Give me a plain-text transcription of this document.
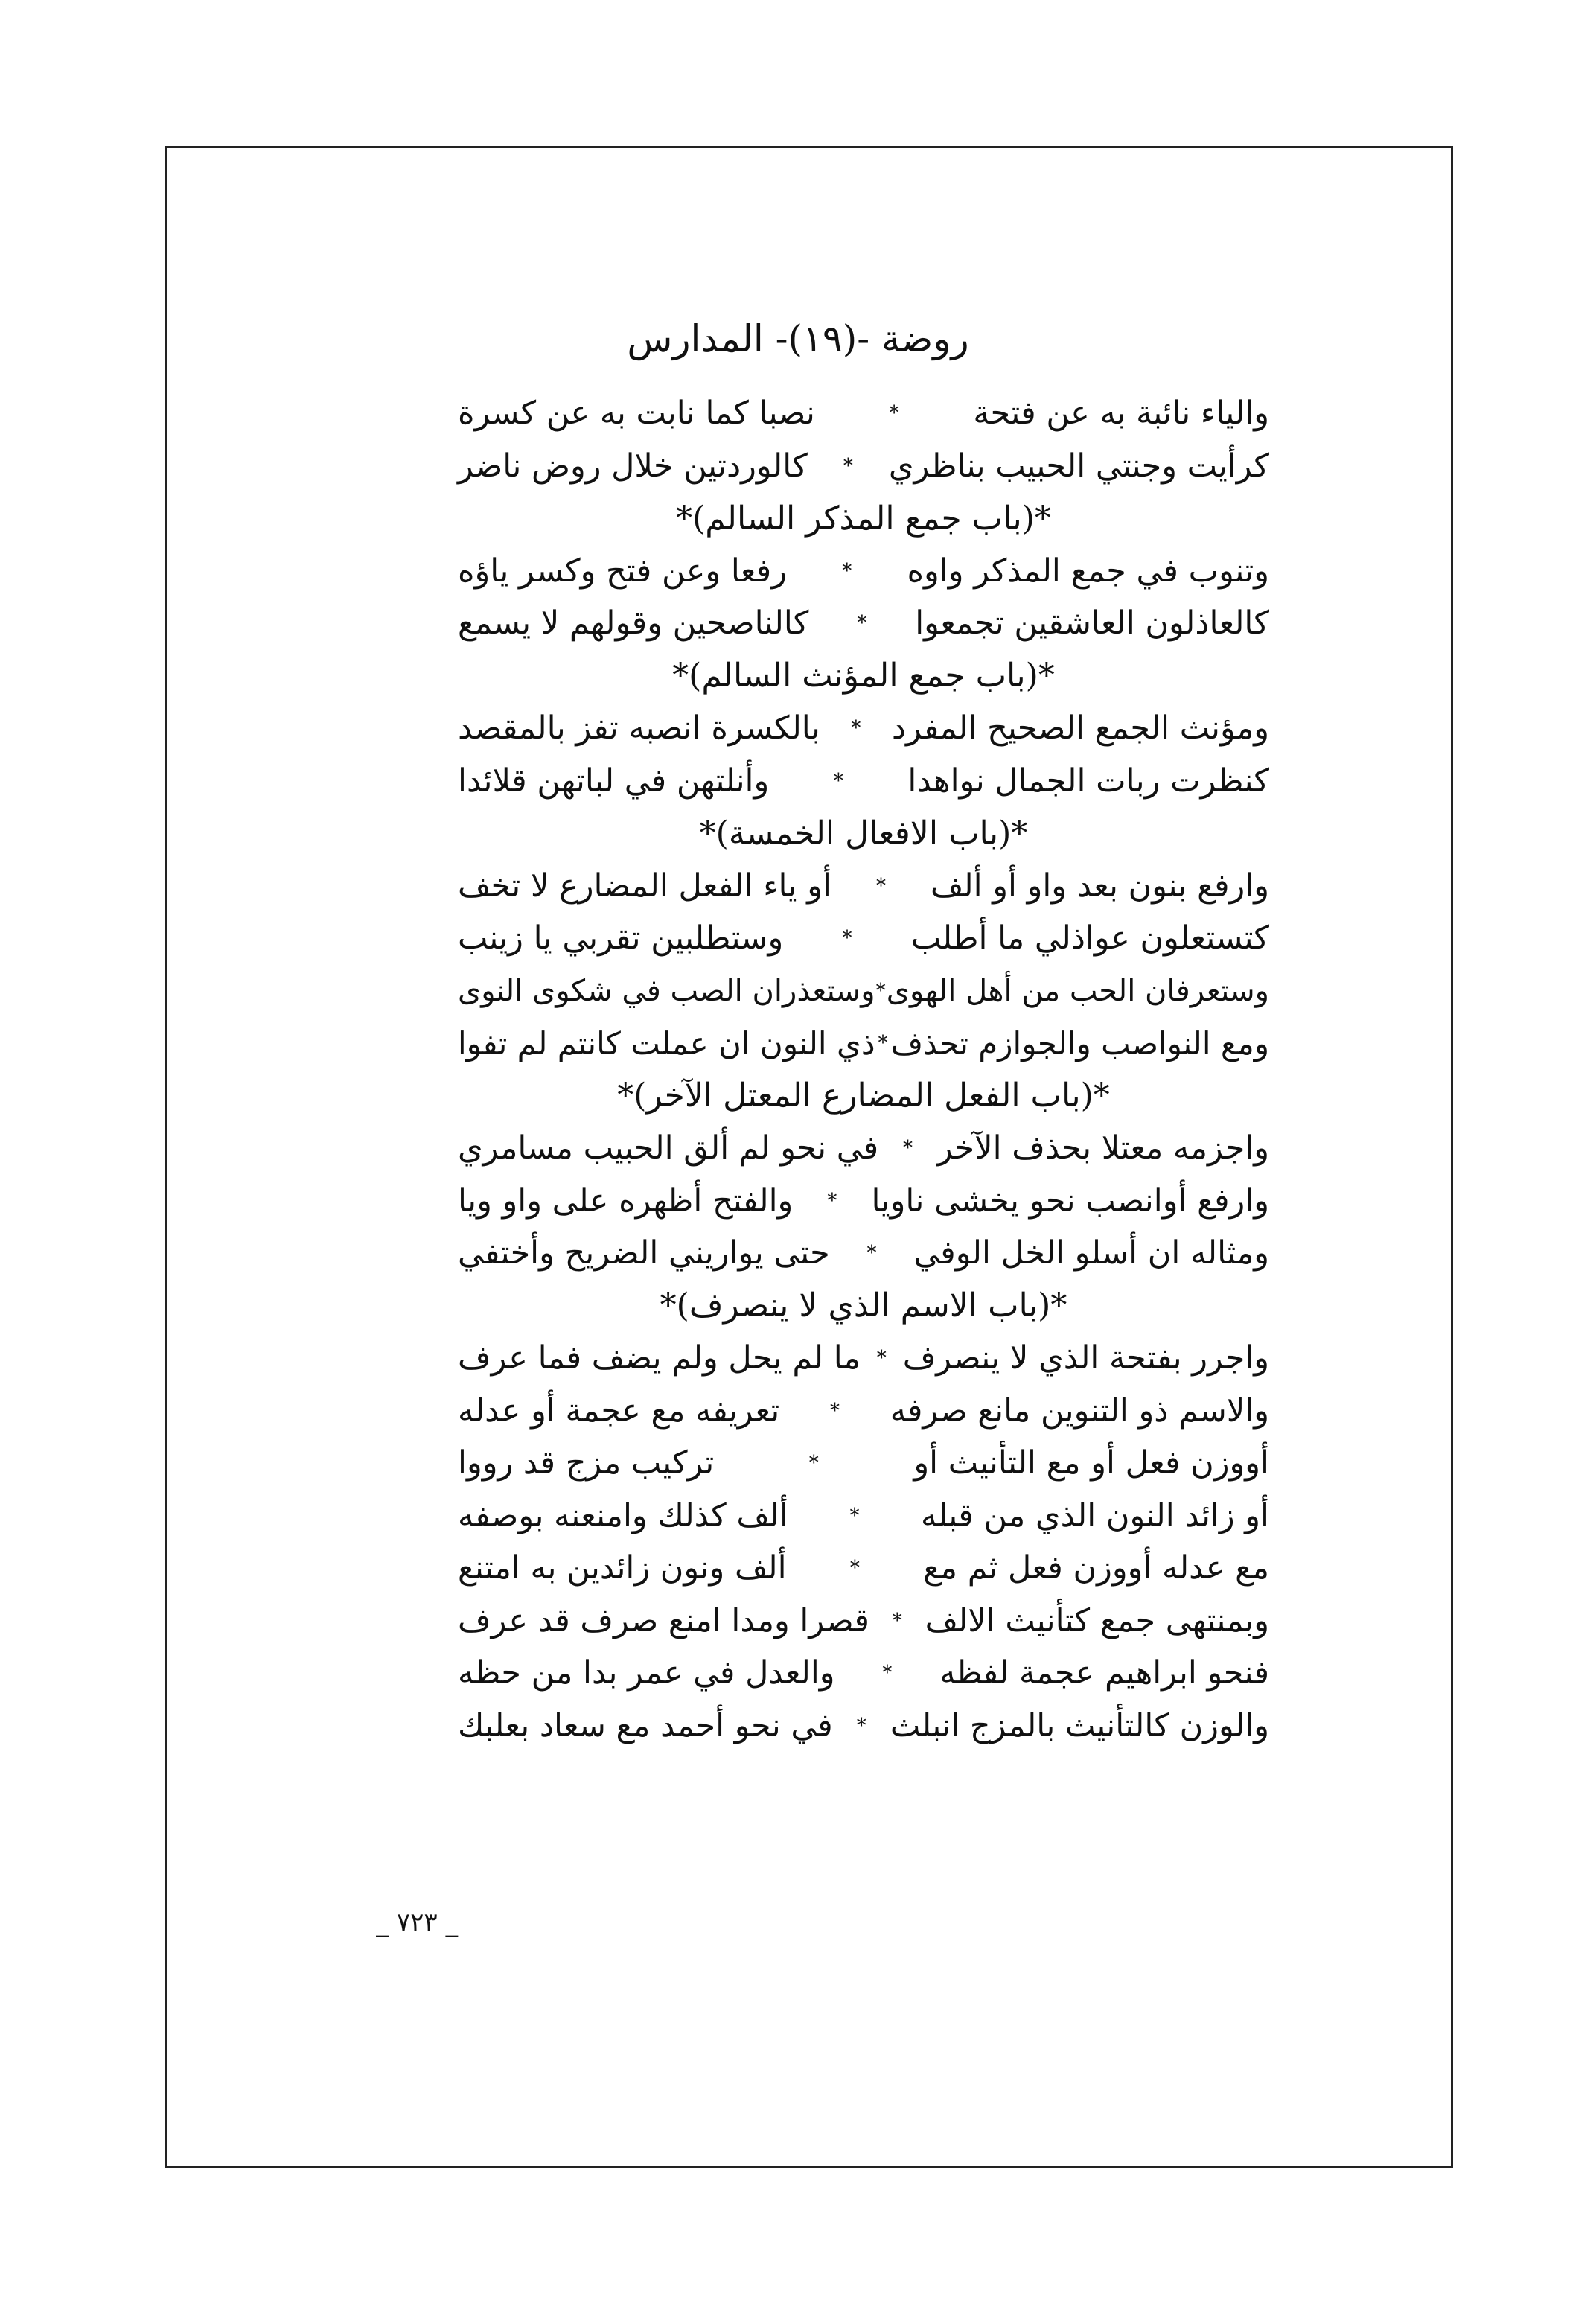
روضة -(١٩)- المدارس
والياء نائبة به عن فتحة
*
نصبا كما نابت به عن كسرة
كرأيت وجنتي الحبيب بناظري
*
كالوردتين خلال روض ناضر
*(باب جمع المذكر السالم)*
وتنوب في جمع المذكر واوه
*
رفعا وعن فتح وكسر ياؤه
كالعاذلون العاشقين تجمعوا
*
كالناصحين وقولهم لا يسمع
*(باب جمع المؤنث السالم)*
ومؤنث الجمع الصحيح المفرد
*
بالكسرة انصبه تفز بالمقصد
كنظرت ربات الجمال نواهدا
*
وأنلتهن في لباتهن قلائدا
*(باب الافعال الخمسة)*
وارفع بنون بعد واو أو ألف
*
أو ياء الفعل المضارع لا تخف
كتستعلون عواذلي ما أطلب
*
وستطلبين تقربي يا زينب
وستعرفان الحب من أهل الهوى
*
وستعذران الصب في شكوى النوى
ومع النواصب والجوازم تحذف
*
ذي النون ان عملت كانتم لم تفوا
*(باب الفعل المضارع المعتل الآخر)*
واجزمه معتلا بحذف الآخر
*
في نحو لم ألق الحبيب مسامري
وارفع أوانصب نحو يخشى ناويا
*
والفتح أظهره على واو ويا
ومثاله ان أسلو الخل الوفي
*
حتى يواريني الضريح وأختفي
*(باب الاسم الذي لا ينصرف)*
واجرر بفتحة الذي لا ينصرف
*
ما لم يحل ولم يضف فما عرف
والاسم ذو التنوين مانع صرفه
*
تعريفه مع عجمة أو عدله
أووزن فعل أو مع التأنيث أو
*
تركيب مزج قد رووا
أو زائد النون الذي من قبله
*
ألف كذلك وامنعنه بوصفه
مع عدله أووزن فعل ثم مع
*
ألف ونون زائدين به امتنع
وبمنتهى جمع كتأنيث الالف
*
قصرا ومدا امنع صرف قد عرف
فنحو ابراهيم عجمة لفظه
*
والعدل في عمر بدا من حظه
والوزن كالتأنيث بالمزج انبلث
*
في نحو أحمد مع سعاد بعلبك
_ ٧٢٣ _
